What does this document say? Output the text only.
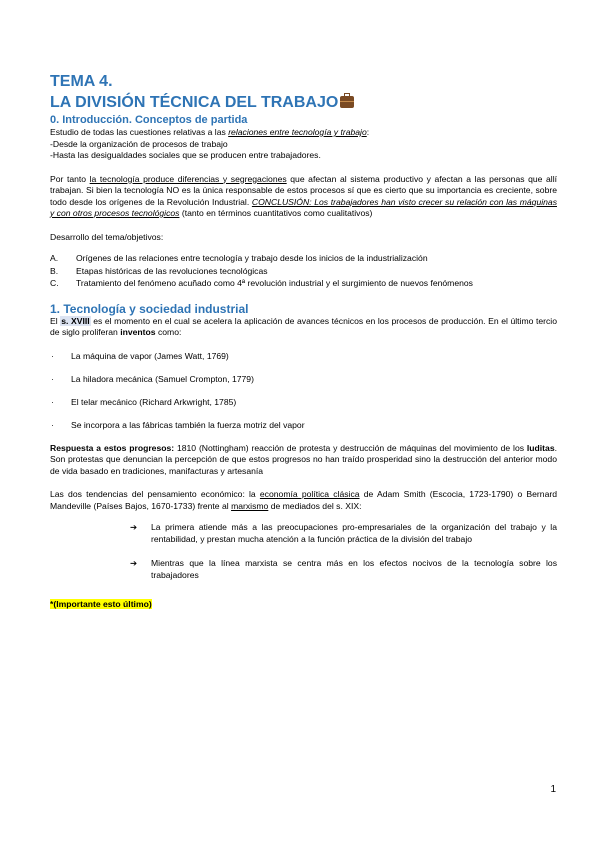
TEMA 4.
LA DIVISIÓN TÉCNICA DEL TRABAJO
0. Introducción. Conceptos de partida

Estudio de todas las cuestiones relativas a las relaciones entre tecnología y trabajo:

-Desde la organización de procesos de trabajo

-Hasta las desigualdades sociales que se producen entre trabajadores.

Por tanto la tecnología produce diferencias y segregaciones que afectan al sistema productivo y afectan a las personas que allí trabajan. Si bien la tecnología NO es la única responsable de estos procesos sí que es cierto que su importancia es creciente, sobre todo desde los orígenes de la Revolución Industrial. CONCLUSIÓN: Los trabajadores han visto crecer su relación con las máquinas y con otros procesos tecnológicos (tanto en términos cuantitativos como cualitativos)

Desarrollo del tema/objetivos:

A.	Orígenes de las relaciones entre tecnología y trabajo desde los inicios de la industrialización
B.	Etapas históricas de las revoluciones tecnológicas
C.	Tratamiento del fenómeno acuñado como 4ª revolución industrial y el surgimiento de nuevos fenómenos
1. Tecnología y sociedad industrial

El s. XVIII es el momento en el cual se acelera la aplicación de avances técnicos en los procesos de producción. En el último tercio de siglo proliferan inventos como:

·	La máquina de vapor (James Watt, 1769)
·	La hiladora mecánica (Samuel Crompton, 1779)
·	El telar mecánico (Richard Arkwright, 1785)
·	Se incorpora a las fábricas también la fuerza motriz del vapor

Respuesta a estos progresos: 1810 (Nottingham) reacción de protesta y destrucción de máquinas del movimiento de los luditas. Son protestas que denuncian la percepción de que estos progresos no han traído prosperidad sino la destrucción del anterior modo de vida basado en tradiciones, manifacturas y artesanía

Las dos tendencias del pensamiento económico: la economía política clásica de Adam Smith (Escocia, 1723-1790) o Bernard Mandeville (Países Bajos, 1670-1733) frente al marxismo de mediados del s. XIX:

➔	La primera atiende más a las preocupaciones pro-empresariales de la organización del trabajo y la rentabilidad, y prestan mucha atención a la función práctica de la división del trabajo
➔	Mientras que la línea marxista se centra más en los efectos nocivos de la tecnología sobre los trabajadores

*(Importante esto último)

1
